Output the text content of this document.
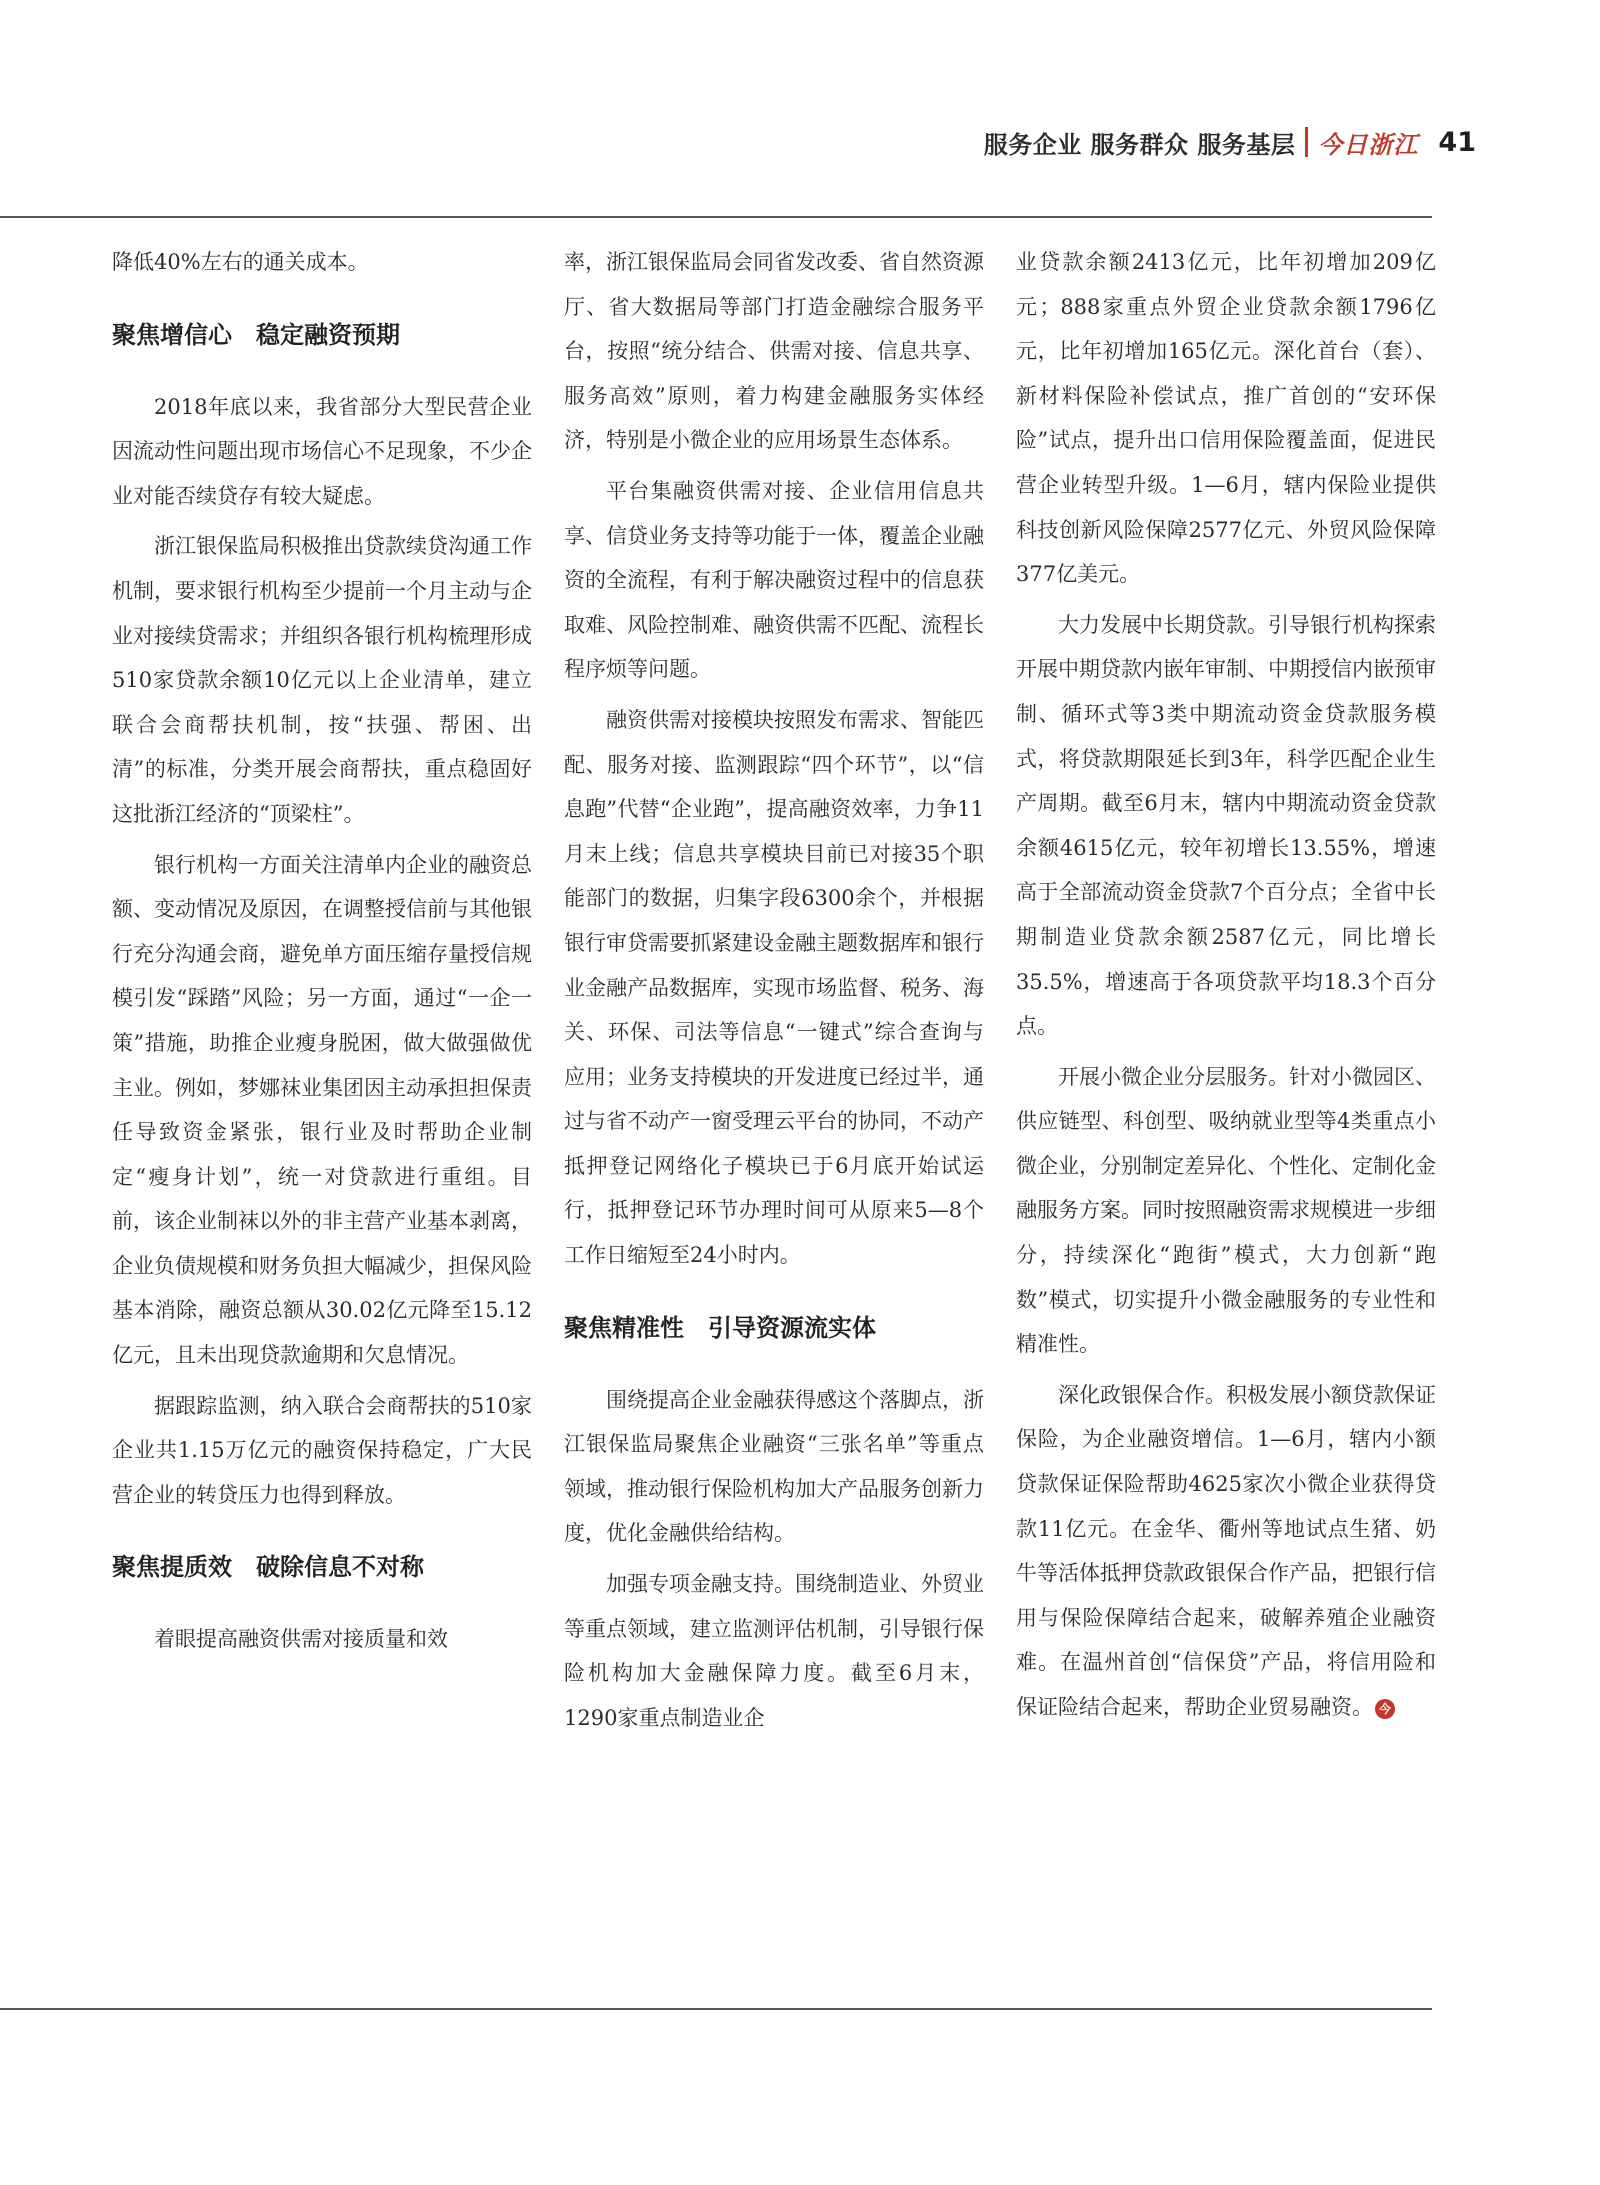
服务企业 服务群众 服务基层 今日浙江 41

降低40%左右的通关成本。

聚焦增信心　稳定融资预期

2018年底以来，我省部分大型民营企业因流动性问题出现市场信心不足现象，不少企业对能否续贷存有较大疑虑。

浙江银保监局积极推出贷款续贷沟通工作机制，要求银行机构至少提前一个月主动与企业对接续贷需求；并组织各银行机构梳理形成510家贷款余额10亿元以上企业清单，建立联合会商帮扶机制，按“扶强、帮困、出清”的标准，分类开展会商帮扶，重点稳固好这批浙江经济的“顶梁柱”。

银行机构一方面关注清单内企业的融资总额、变动情况及原因，在调整授信前与其他银行充分沟通会商，避免单方面压缩存量授信规模引发“踩踏”风险；另一方面，通过“一企一策”措施，助推企业瘦身脱困，做大做强做优主业。例如，梦娜袜业集团因主动承担担保责任导致资金紧张，银行业及时帮助企业制定“瘦身计划”，统一对贷款进行重组。目前，该企业制袜以外的非主营产业基本剥离，企业负债规模和财务负担大幅减少，担保风险基本消除，融资总额从30.02亿元降至15.12亿元，且未出现贷款逾期和欠息情况。

据跟踪监测，纳入联合会商帮扶的510家企业共1.15万亿元的融资保持稳定，广大民营企业的转贷压力也得到释放。

聚焦提质效　破除信息不对称

着眼提高融资供需对接质量和效

率，浙江银保监局会同省发改委、省自然资源厅、省大数据局等部门打造金融综合服务平台，按照“统分结合、供需对接、信息共享、服务高效”原则，着力构建金融服务实体经济，特别是小微企业的应用场景生态体系。

平台集融资供需对接、企业信用信息共享、信贷业务支持等功能于一体，覆盖企业融资的全流程，有利于解决融资过程中的信息获取难、风险控制难、融资供需不匹配、流程长程序烦等问题。

融资供需对接模块按照发布需求、智能匹配、服务对接、监测跟踪“四个环节”，以“信息跑”代替“企业跑”，提高融资效率，力争11月末上线；信息共享模块目前已对接35个职能部门的数据，归集字段6300余个，并根据银行审贷需要抓紧建设金融主题数据库和银行业金融产品数据库，实现市场监督、税务、海关、环保、司法等信息“一键式”综合查询与应用；业务支持模块的开发进度已经过半，通过与省不动产一窗受理云平台的协同，不动产抵押登记网络化子模块已于6月底开始试运行，抵押登记环节办理时间可从原来5—8个工作日缩短至24小时内。

聚焦精准性　引导资源流实体

围绕提高企业金融获得感这个落脚点，浙江银保监局聚焦企业融资“三张名单”等重点领域，推动银行保险机构加大产品服务创新力度，优化金融供给结构。

加强专项金融支持。围绕制造业、外贸业等重点领域，建立监测评估机制，引导银行保险机构加大金融保障力度。截至6月末，1290家重点制造业企

业贷款余额2413亿元，比年初增加209亿元；888家重点外贸企业贷款余额1796亿元，比年初增加165亿元。深化首台（套）、新材料保险补偿试点，推广首创的“安环保险”试点，提升出口信用保险覆盖面，促进民营企业转型升级。1—6月，辖内保险业提供科技创新风险保障2577亿元、外贸风险保障377亿美元。

大力发展中长期贷款。引导银行机构探索开展中期贷款内嵌年审制、中期授信内嵌预审制、循环式等3类中期流动资金贷款服务模式，将贷款期限延长到3年，科学匹配企业生产周期。截至6月末，辖内中期流动资金贷款余额4615亿元，较年初增长13.55%，增速高于全部流动资金贷款7个百分点；全省中长期制造业贷款余额2587亿元，同比增长35.5%，增速高于各项贷款平均18.3个百分点。

开展小微企业分层服务。针对小微园区、供应链型、科创型、吸纳就业型等4类重点小微企业，分别制定差异化、个性化、定制化金融服务方案。同时按照融资需求规模进一步细分，持续深化“跑街”模式，大力创新“跑数”模式，切实提升小微金融服务的专业性和精准性。

深化政银保合作。积极发展小额贷款保证保险，为企业融资增信。1—6月，辖内小额贷款保证保险帮助4625家次小微企业获得贷款11亿元。在金华、衢州等地试点生猪、奶牛等活体抵押贷款政银保合作产品，把银行信用与保险保障结合起来，破解养殖企业融资难。在温州首创“信保贷”产品，将信用险和保证险结合起来，帮助企业贸易融资。 今
